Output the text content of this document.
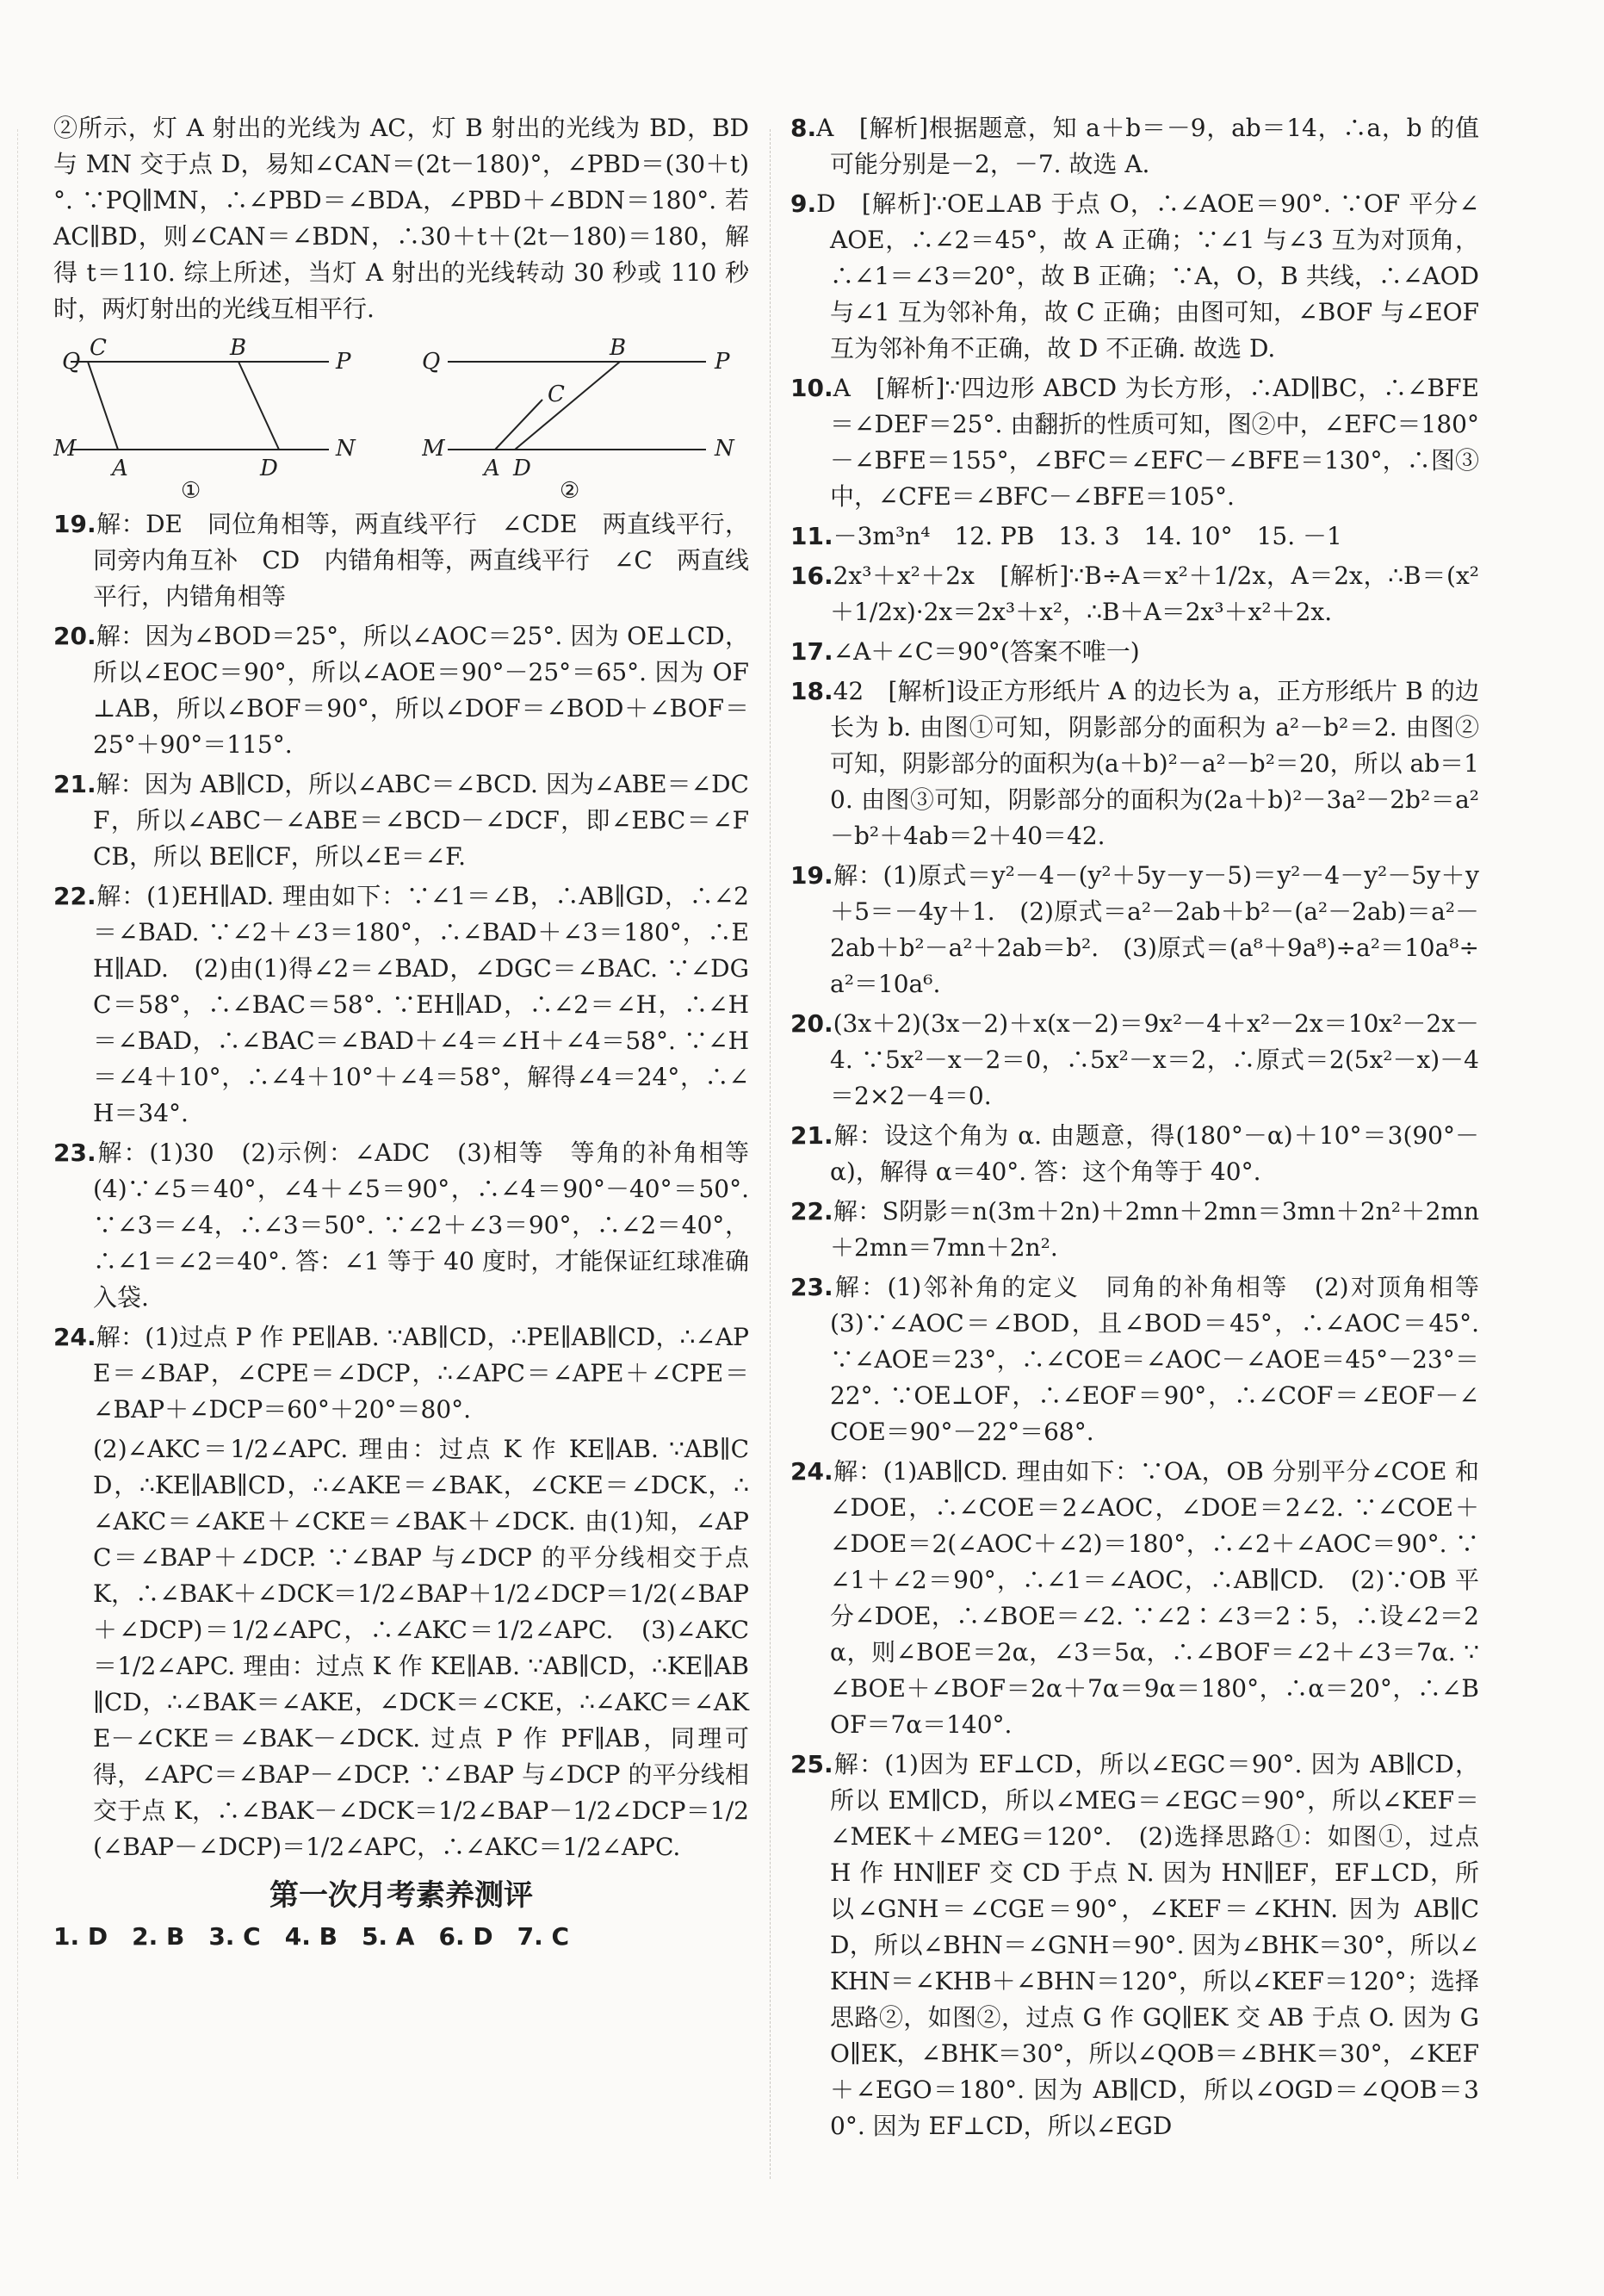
②所示，灯 A 射出的光线为 AC，灯 B 射出的光线为 BD，BD 与 MN 交于点 D，易知∠CAN＝(2t－180)°，∠PBD＝(30＋t)°. ∵PQ∥MN，∴∠PBD＝∠BDA，∠PBD＋∠BDN＝180°. 若 AC∥BD，则∠CAN＝∠BDN，∴30＋t＋(2t－180)＝180，解得 t＝110. 综上所述，当灯 A 射出的光线转动 30 秒或 110 秒时，两灯射出的光线互相平行.

Q
C	B
P
M
A	D
N
①
Q
B
P
C
M
A D
N
②

19.解：DE　同位角相等，两直线平行　∠CDE　两直线平行，同旁内角互补　CD　内错角相等，两直线平行　∠C　两直线平行，内错角相等

20.解：因为∠BOD＝25°，所以∠AOC＝25°. 因为 OE⊥CD，所以∠EOC＝90°，所以∠AOE＝90°－25°＝65°. 因为 OF⊥AB，所以∠BOF＝90°，所以∠DOF＝∠BOD＋∠BOF＝25°＋90°＝115°.

21.解：因为 AB∥CD，所以∠ABC＝∠BCD. 因为∠ABE＝∠DCF，所以∠ABC－∠ABE＝∠BCD－∠DCF，即∠EBC＝∠FCB，所以 BE∥CF，所以∠E＝∠F.

22.解：(1)EH∥AD. 理由如下：∵∠1＝∠B，∴AB∥GD，∴∠2＝∠BAD. ∵∠2＋∠3＝180°，∴∠BAD＋∠3＝180°，∴EH∥AD.　(2)由(1)得∠2＝∠BAD，∠DGC＝∠BAC. ∵∠DGC＝58°，∴∠BAC＝58°. ∵EH∥AD，∴∠2＝∠H，∴∠H＝∠BAD，∴∠BAC＝∠BAD＋∠4＝∠H＋∠4＝58°. ∵∠H＝∠4＋10°，∴∠4＋10°＋∠4＝58°，解得∠4＝24°，∴∠H＝34°.

23.解：(1)30　(2)示例：∠ADC　(3)相等　等角的补角相等　(4)∵∠5＝40°，∠4＋∠5＝90°，∴∠4＝90°－40°＝50°. ∵∠3＝∠4，∴∠3＝50°. ∵∠2＋∠3＝90°，∴∠2＝40°，∴∠1＝∠2＝40°. 答：∠1 等于 40 度时，才能保证红球准确入袋.

24.解：(1)过点 P 作 PE∥AB. ∵AB∥CD，∴PE∥AB∥CD，∴∠APE＝∠BAP，∠CPE＝∠DCP，∴∠APC＝∠APE＋∠CPE＝∠BAP＋∠DCP＝60°＋20°＝80°.

(2)∠AKC＝1/2∠APC. 理由：过点 K 作 KE∥AB. ∵AB∥CD，∴KE∥AB∥CD，∴∠AKE＝∠BAK，∠CKE＝∠DCK，∴∠AKC＝∠AKE＋∠CKE＝∠BAK＋∠DCK. 由(1)知，∠APC＝∠BAP＋∠DCP. ∵∠BAP 与∠DCP 的平分线相交于点 K，∴∠BAK＋∠DCK＝1/2∠BAP＋1/2∠DCP＝1/2(∠BAP＋∠DCP)＝1/2∠APC，∴∠AKC＝1/2∠APC.　(3)∠AKC＝1/2∠APC. 理由：过点 K 作 KE∥AB. ∵AB∥CD，∴KE∥AB∥CD，∴∠BAK＝∠AKE，∠DCK＝∠CKE，∴∠AKC＝∠AKE－∠CKE＝∠BAK－∠DCK. 过点 P 作 PF∥AB，同理可得，∠APC＝∠BAP－∠DCP. ∵∠BAP 与∠DCP 的平分线相交于点 K，∴∠BAK－∠DCK＝1/2∠BAP－1/2∠DCP＝1/2(∠BAP－∠DCP)＝1/2∠APC，∴∠AKC＝1/2∠APC.

第一次月考素养测评
1. D　2. B　3. C　4. B　5. A　6. D　7. C

8.A　[解析]根据题意，知 a＋b＝－9，ab＝14，∴a，b 的值可能分别是－2，－7. 故选 A.

9.D　[解析]∵OE⊥AB 于点 O，∴∠AOE＝90°. ∵OF 平分∠AOE，∴∠2＝45°，故 A 正确；∵∠1 与∠3 互为对顶角，∴∠1＝∠3＝20°，故 B 正确；∵A，O，B 共线，∴∠AOD 与∠1 互为邻补角，故 C 正确；由图可知，∠BOF 与∠EOF 互为邻补角不正确，故 D 不正确. 故选 D.

10.A　[解析]∵四边形 ABCD 为长方形，∴AD∥BC，∴∠BFE＝∠DEF＝25°. 由翻折的性质可知，图②中，∠EFC＝180°－∠BFE＝155°，∠BFC＝∠EFC－∠BFE＝130°，∴图③中，∠CFE＝∠BFC－∠BFE＝105°.

11.－3m³n⁴　12. PB　13. 3　14. 10°　15. －1

16.2x³＋x²＋2x　[解析]∵B÷A＝x²＋1/2x，A＝2x，∴B＝(x²＋1/2x)·2x＝2x³＋x²，∴B＋A＝2x³＋x²＋2x.

17.∠A＋∠C＝90°(答案不唯一)

18.42　[解析]设正方形纸片 A 的边长为 a，正方形纸片 B 的边长为 b. 由图①可知，阴影部分的面积为 a²－b²＝2. 由图②可知，阴影部分的面积为(a＋b)²－a²－b²＝20，所以 ab＝10. 由图③可知，阴影部分的面积为(2a＋b)²－3a²－2b²＝a²－b²＋4ab＝2＋40＝42.

19.解：(1)原式＝y²－4－(y²＋5y－y－5)＝y²－4－y²－5y＋y＋5＝－4y＋1.　(2)原式＝a²－2ab＋b²－(a²－2ab)＝a²－2ab＋b²－a²＋2ab＝b².　(3)原式＝(a⁸＋9a⁸)÷a²＝10a⁸÷a²＝10a⁶.

20.(3x＋2)(3x－2)＋x(x－2)＝9x²－4＋x²－2x＝10x²－2x－4. ∵5x²－x－2＝0，∴5x²－x＝2，∴原式＝2(5x²－x)－4＝2×2－4＝0.

21.解：设这个角为 α. 由题意，得(180°－α)＋10°＝3(90°－α)，解得 α＝40°. 答：这个角等于 40°.

22.解：S阴影＝n(3m＋2n)＋2mn＋2mn＝3mn＋2n²＋2mn＋2mn＝7mn＋2n².

23.解：(1)邻补角的定义　同角的补角相等　(2)对顶角相等　(3)∵∠AOC＝∠BOD，且∠BOD＝45°，∴∠AOC＝45°. ∵∠AOE＝23°，∴∠COE＝∠AOC－∠AOE＝45°－23°＝22°. ∵OE⊥OF，∴∠EOF＝90°，∴∠COF＝∠EOF－∠COE＝90°－22°＝68°.

24.解：(1)AB∥CD. 理由如下：∵OA，OB 分别平分∠COE 和∠DOE，∴∠COE＝2∠AOC，∠DOE＝2∠2. ∵∠COE＋∠DOE＝2(∠AOC＋∠2)＝180°，∴∠2＋∠AOC＝90°. ∵∠1＋∠2＝90°，∴∠1＝∠AOC，∴AB∥CD.　(2)∵OB 平分∠DOE，∴∠BOE＝∠2. ∵∠2∶∠3＝2∶5，∴设∠2＝2α，则∠BOE＝2α，∠3＝5α，∴∠BOF＝∠2＋∠3＝7α. ∵∠BOE＋∠BOF＝2α＋7α＝9α＝180°，∴α＝20°，∴∠BOF＝7α＝140°.

25.解：(1)因为 EF⊥CD，所以∠EGC＝90°. 因为 AB∥CD，所以 EM∥CD，所以∠MEG＝∠EGC＝90°，所以∠KEF＝∠MEK＋∠MEG＝120°.　(2)选择思路①：如图①，过点 H 作 HN∥EF 交 CD 于点 N. 因为 HN∥EF，EF⊥CD，所以∠GNH＝∠CGE＝90°，∠KEF＝∠KHN. 因为 AB∥CD，所以∠BHN＝∠GNH＝90°. 因为∠BHK＝30°，所以∠KHN＝∠KHB＋∠BHN＝120°，所以∠KEF＝120°；选择思路②，如图②，过点 G 作 GQ∥EK 交 AB 于点 O. 因为 GO∥EK，∠BHK＝30°，所以∠QOB＝∠BHK＝30°，∠KEF＋∠EGO＝180°. 因为 AB∥CD，所以∠OGD＝∠QOB＝30°. 因为 EF⊥CD，所以∠EGD
